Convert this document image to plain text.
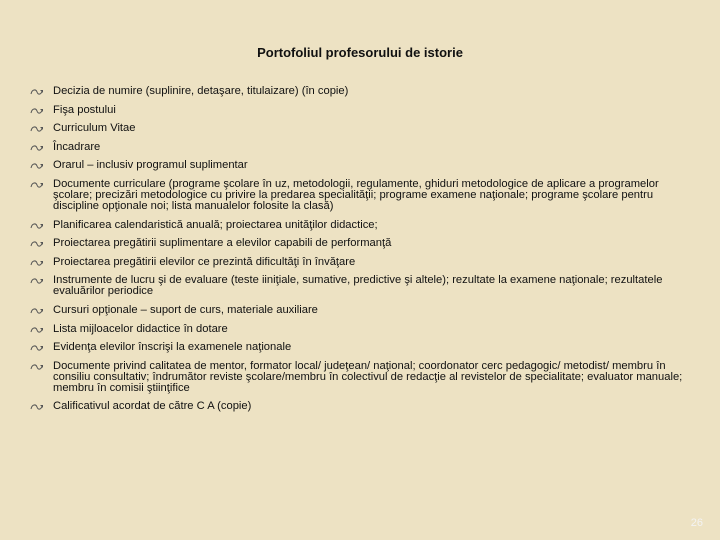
Portofoliul profesorului de istorie
Decizia de numire (suplinire, detaşare, titulaizare) (în copie)
Fişa postului
Curriculum Vitae
Încadrare
Orarul – inclusiv programul suplimentar
Documente curriculare (programe şcolare în uz, metodologii, regulamente, ghiduri metodologice de aplicare a programelor şcolare; precizări metodologice cu privire la predarea specialităţii; programe examene naţionale; programe şcolare pentru discipline opţionale noi; lista manualelor folosite la clasă)
Planificarea calendaristică anuală; proiectarea unităţilor didactice;
Proiectarea pregătirii suplimentare a elevilor capabili de performanţă
Proiectarea pregătirii elevilor ce prezintă dificultăţi în învăţare
Instrumente de lucru şi de evaluare (teste iiniţiale, sumative, predictive şi altele); rezultate la examene naţionale; rezultatele evaluărilor periodice
Cursuri opţionale – suport de curs, materiale auxiliare
Lista mijloacelor didactice în dotare
Evidenţa elevilor înscrişi la examenele naţionale
Documente privind calitatea de mentor, formator local/ judeţean/ naţional; coordonator cerc pedagogic/ metodist/ membru în consiliu consultativ; îndrumător reviste şcolare/membru în colectivul de redacţie al revistelor de specialitate; evaluator manuale; membru în comisii ştiinţifice
Calificativul acordat de către C A (copie)
26
